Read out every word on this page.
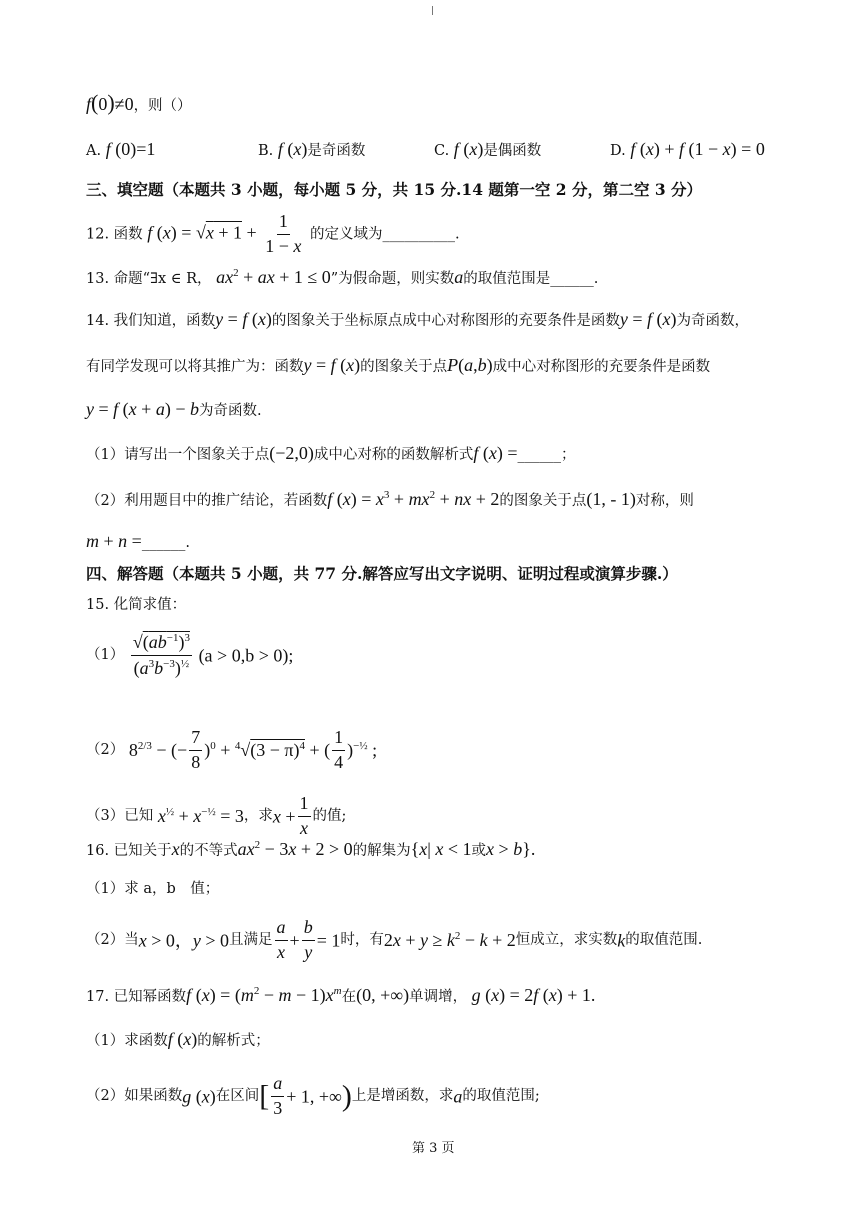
f(0)≠0，则（）
A. f (0)=1	B. f (x)是奇函数	C. f (x)是偶函数	D. f (x) + f (1 − x) = 0
三、填空题（本题共 3 小题，每小题 5 分，共 15 分.14 题第一空 2 分，第二空 3 分）
12. 函数 f $(x) = √x + 1 + \frac{1}{1 - x}$ 的定义域为__________.
13. 命题“∃x ∈ R， $ax^2$ + ax + 1 ≤ 0”为假命题，则实数a的取值范围是______.
14. 我们知道，函数y = f (x)的图象关于坐标原点成中心对称图形的充要条件是函数y = f (x)为奇函数，
有同学发现可以将其推广为：函数y = f (x)的图象关于点P(a,b)成中心对称图形的充要条件是函数
y = f (x + a) − b为奇函数.
（1）请写出一个图象关于点(−2,0)成中心对称的函数解析式f (x) =______；
（2）利用题目中的推广结论，若函数f $(x) = x^3 + mx^2$ + nx + 2的图象关于点(1, - 1)对称，则
m + n =______.
四、解答题（本题共 5 小题，共 77 分.解答应写出文字说明、证明过程或演算步骤.）
15. 化简求值：
$(1) \frac{√(ab^{-1})^3}{(a^3b^{-3})^{\frac{1}{2}}} (a > 0,b > 0)$;
（2） $8^{2/3}$ − (− $\frac{7}{8} )^0 + ^4√(3 - \pi)^4$ + ( $\frac{1}{4} )^{-\frac{1}{2}}$ ;
（3）已知 $x^{\frac{1}{2}} + x^{-\frac{1}{2}} = 3$，求$x + \frac{1}{x}$ 的值;
16. 已知关于x的不等式$ax^2 - 3x + 2 > 0$的解集为{x| x < 1或x > b}.
（1）求 a，b　值；
（2）当x > 0，y > 0且满足 $\frac{a}{x} + \frac{b}{y} = 1$时，有$2x + y \ge k^2 - k + 2$恒成立，求实数k的取值范围.
17. 已知幂函数f $(x) = (m^2 - m - 1)x^m$在(0, +∞)单调增， g (x) = 2f (x) + 1.
（1）求函数f (x)的解析式；
（2）如果函数g (x)在区间[ $\frac{a}{3} + 1$, +∞)上是增函数，求a的取值范围;
第 3 页
